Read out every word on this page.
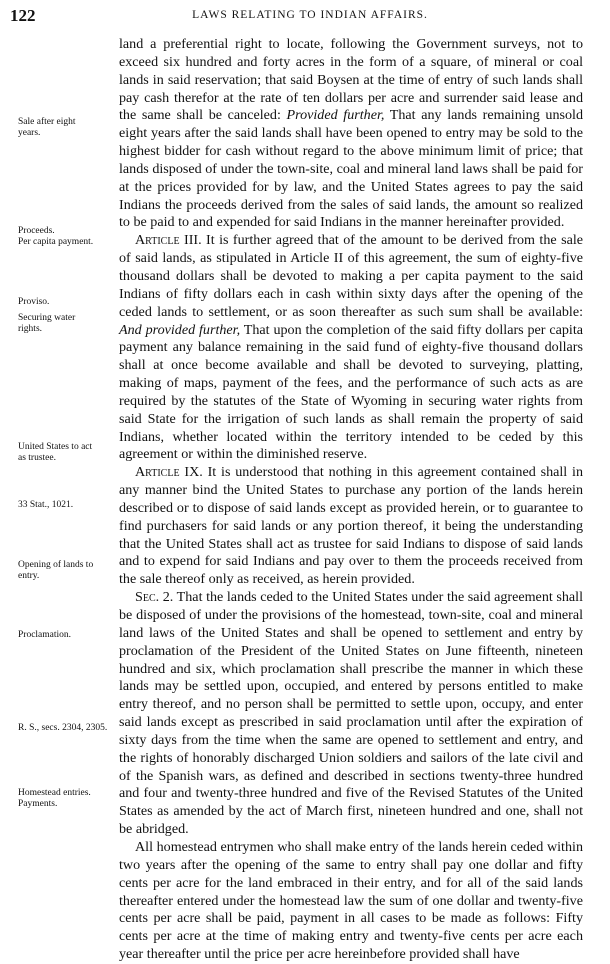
122	LAWS RELATING TO INDIAN AFFAIRS.
Sale after eight
years.
Proceeds.
Per capita payment.
Proviso.
Securing water
rights.
United States to act
as trustee.
33 Stat., 1021.
Opening of lands to
entry.
Proclamation.
R. S., secs. 2304, 2305.
Homestead entries.
Payments.

land a preferential right to locate, following the Government surveys, not to exceed six hundred and forty acres in the form of a square, of mineral or coal lands in said reservation; that said Boysen at the time of entry of such lands shall pay cash therefor at the rate of ten dollars per acre and surrender said lease and the same shall be canceled: Provided further, That any lands remaining unsold eight years after the said lands shall have been opened to entry may be sold to the highest bidder for cash without regard to the above minimum limit of price; that lands disposed of under the town-site, coal and mineral land laws shall be paid for at the prices provided for by law, and the United States agrees to pay the said Indians the proceeds derived from the sales of said lands, the amount so realized to be paid to and expended for said Indians in the manner hereinafter provided.

Article III. It is further agreed that of the amount to be derived from the sale of said lands, as stipulated in Article II of this agreement, the sum of eighty-five thousand dollars shall be devoted to making a per capita payment to the said Indians of fifty dollars each in cash within sixty days after the opening of the ceded lands to settlement, or as soon thereafter as such sum shall be available: And provided further, That upon the completion of the said fifty dollars per capita payment any balance remaining in the said fund of eighty-five thousand dollars shall at once become available and shall be devoted to surveying, platting, making of maps, payment of the fees, and the performance of such acts as are required by the statutes of the State of Wyoming in securing water rights from said State for the irrigation of such lands as shall remain the property of said Indians, whether located within the territory intended to be ceded by this agreement or within the diminished reserve.

Article IX. It is understood that nothing in this agreement contained shall in any manner bind the United States to purchase any portion of the lands herein described or to dispose of said lands except as provided herein, or to guarantee to find purchasers for said lands or any portion thereof, it being the understanding that the United States shall act as trustee for said Indians to dispose of said lands and to expend for said Indians and pay over to them the proceeds received from the sale thereof only as received, as herein provided.

Sec. 2. That the lands ceded to the United States under the said agreement shall be disposed of under the provisions of the homestead, town-site, coal and mineral land laws of the United States and shall be opened to settlement and entry by proclamation of the President of the United States on June fifteenth, nineteen hundred and six, which proclamation shall prescribe the manner in which these lands may be settled upon, occupied, and entered by persons entitled to make entry thereof, and no person shall be permitted to settle upon, occupy, and enter said lands except as prescribed in said proclamation until after the expiration of sixty days from the time when the same are opened to settlement and entry, and the rights of honorably discharged Union soldiers and sailors of the late civil and of the Spanish wars, as defined and described in sections twenty-three hundred and four and twenty-three hundred and five of the Revised Statutes of the United States as amended by the act of March first, nineteen hundred and one, shall not be abridged.

All homestead entrymen who shall make entry of the lands herein ceded within two years after the opening of the same to entry shall pay one dollar and fifty cents per acre for the land embraced in their entry, and for all of the said lands thereafter entered under the homestead law the sum of one dollar and twenty-five cents per acre shall be paid, payment in all cases to be made as follows: Fifty cents per acre at the time of making entry and twenty-five cents per acre each year thereafter until the price per acre hereinbefore provided shall have
